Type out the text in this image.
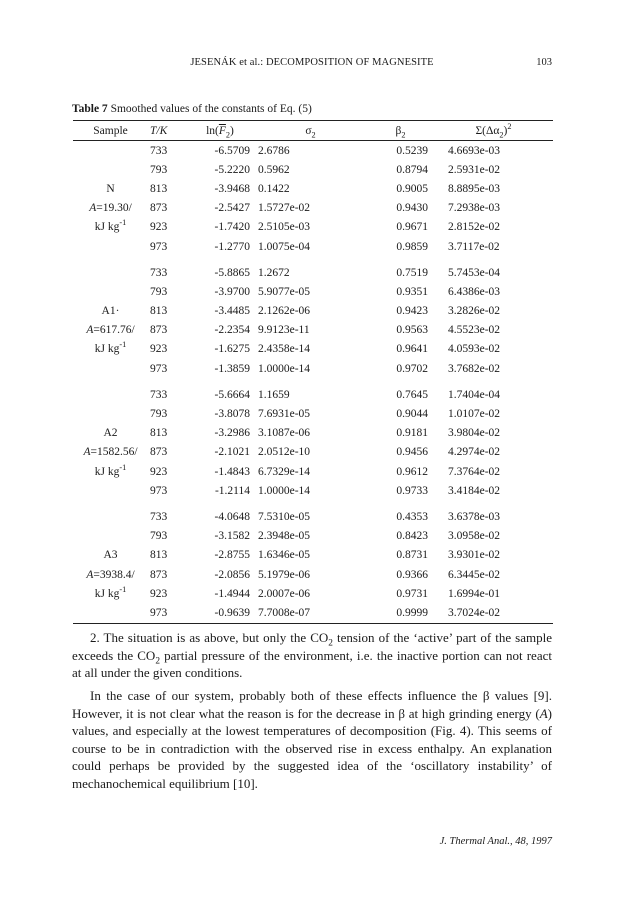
JESENÁK et al.: DECOMPOSITION OF MAGNESITE	103
Table 7 Smoothed values of the constants of Eq. (5)
Sample	T/K	$\ln(\overline{F}_2)$	$\sigma_2$	$\beta_2$	$\Sigma(\Delta\alpha_2)^2$
	733	-6.5709	2.6786	0.5239	4.6693e-03
	793	-5.2220	0.5962	0.8794	2.5931e-02
N	813	-3.9468	0.1422	0.9005	8.8895e-03
A=19.30/	873	-2.5427	1.5727e-02	0.9430	7.2938e-03
kJ $kg^{-1}$	923	-1.7420	2.5105e-03	0.9671	2.8152e-02
	973	-1.2770	1.0075e-04	0.9859	3.7117e-02

	733	-5.8865	1.2672	0.7519	5.7453e-04
	793	-3.9700	5.9077e-05	0.9351	6.4386e-03
A1·	813	-3.4485	2.1262e-06	0.9423	3.2826e-02
A=617.76/	873	-2.2354	9.9123e-11	0.9563	4.5523e-02
kJ $kg^{-1}$	923	-1.6275	2.4358e-14	0.9641	4.0593e-02
	973	-1.3859	1.0000e-14	0.9702	3.7682e-02

	733	-5.6664	1.1659	0.7645	1.7404e-04
	793	-3.8078	7.6931e-05	0.9044	1.0107e-02
A2	813	-3.2986	3.1087e-06	0.9181	3.9804e-02
A=1582.56/	873	-2.1021	2.0512e-10	0.9456	4.2974e-02
kJ $kg^{-1}$	923	-1.4843	6.7329e-14	0.9612	7.3764e-02
	973	-1.2114	1.0000e-14	0.9733	3.4184e-02

	733	-4.0648	7.5310e-05	0.4353	3.6378e-03
	793	-3.1582	2.3948e-05	0.8423	3.0958e-02
A3	813	-2.8755	1.6346e-05	0.8731	3.9301e-02
A=3938.4/	873	-2.0856	5.1979e-06	0.9366	6.3445e-02
kJ $kg^{-1}$	923	-1.4944	2.0007e-06	0.9731	1.6994e-01
	973	-0.9639	7.7008e-07	0.9999	3.7024e-02
2. The situation is as above, but only the $CO_2$ tension of the ‘active’ part of the sample exceeds the $CO_2$ partial pressure of the environment, i.e. the inactive portion can not react at all under the given conditions.
In the case of our system, probably both of these effects influence the β values [9]. However, it is not clear what the reason is for the decrease in β at high grinding energy (A) values, and especially at the lowest temperatures of decomposition (Fig. 4). This seems of course to be in contradiction with the observed rise in excess enthalpy. An explanation could perhaps be provided by the suggested idea of the ‘oscillatory instability’ of mechanochemical equilibrium [10].
J. Thermal Anal., 48, 1997
